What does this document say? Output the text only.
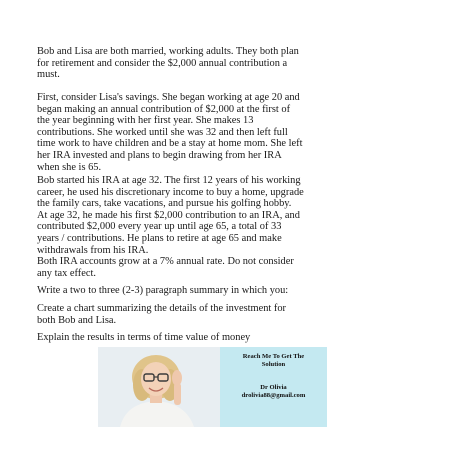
Bob and Lisa are both married, working adults. They both plan
for retirement and consider the $2,000 annual contribution a
must.

First, consider Lisa's savings. She began working at age 20 and
began making an annual contribution of $2,000 at the first of
the year beginning with her first year. She makes 13
contributions. She worked until she was 32 and then left full
time work to have children and be a stay at home mom. She left
her IRA invested and plans to begin drawing from her IRA
when she is 65.

Bob started his IRA at age 32. The first 12 years of his working
career, he used his discretionary income to buy a home, upgrade
the family cars, take vacations, and pursue his golfing hobby.
At age 32, he made his first $2,000 contribution to an IRA, and
contributed $2,000 every year up until age 65, a total of 33
years / contributions. He plans to retire at age 65 and make
withdrawals from his IRA.

Both IRA accounts grow at a 7% annual rate. Do not consider
any tax effect.

Write a two to three (2-3) paragraph summary in which you:

Create a chart summarizing the details of the investment for
both Bob and Lisa.

Explain the results in terms of time value of money

Reach Me To Get The
Solution
Dr Olivia
drolivia88@gmail.com
